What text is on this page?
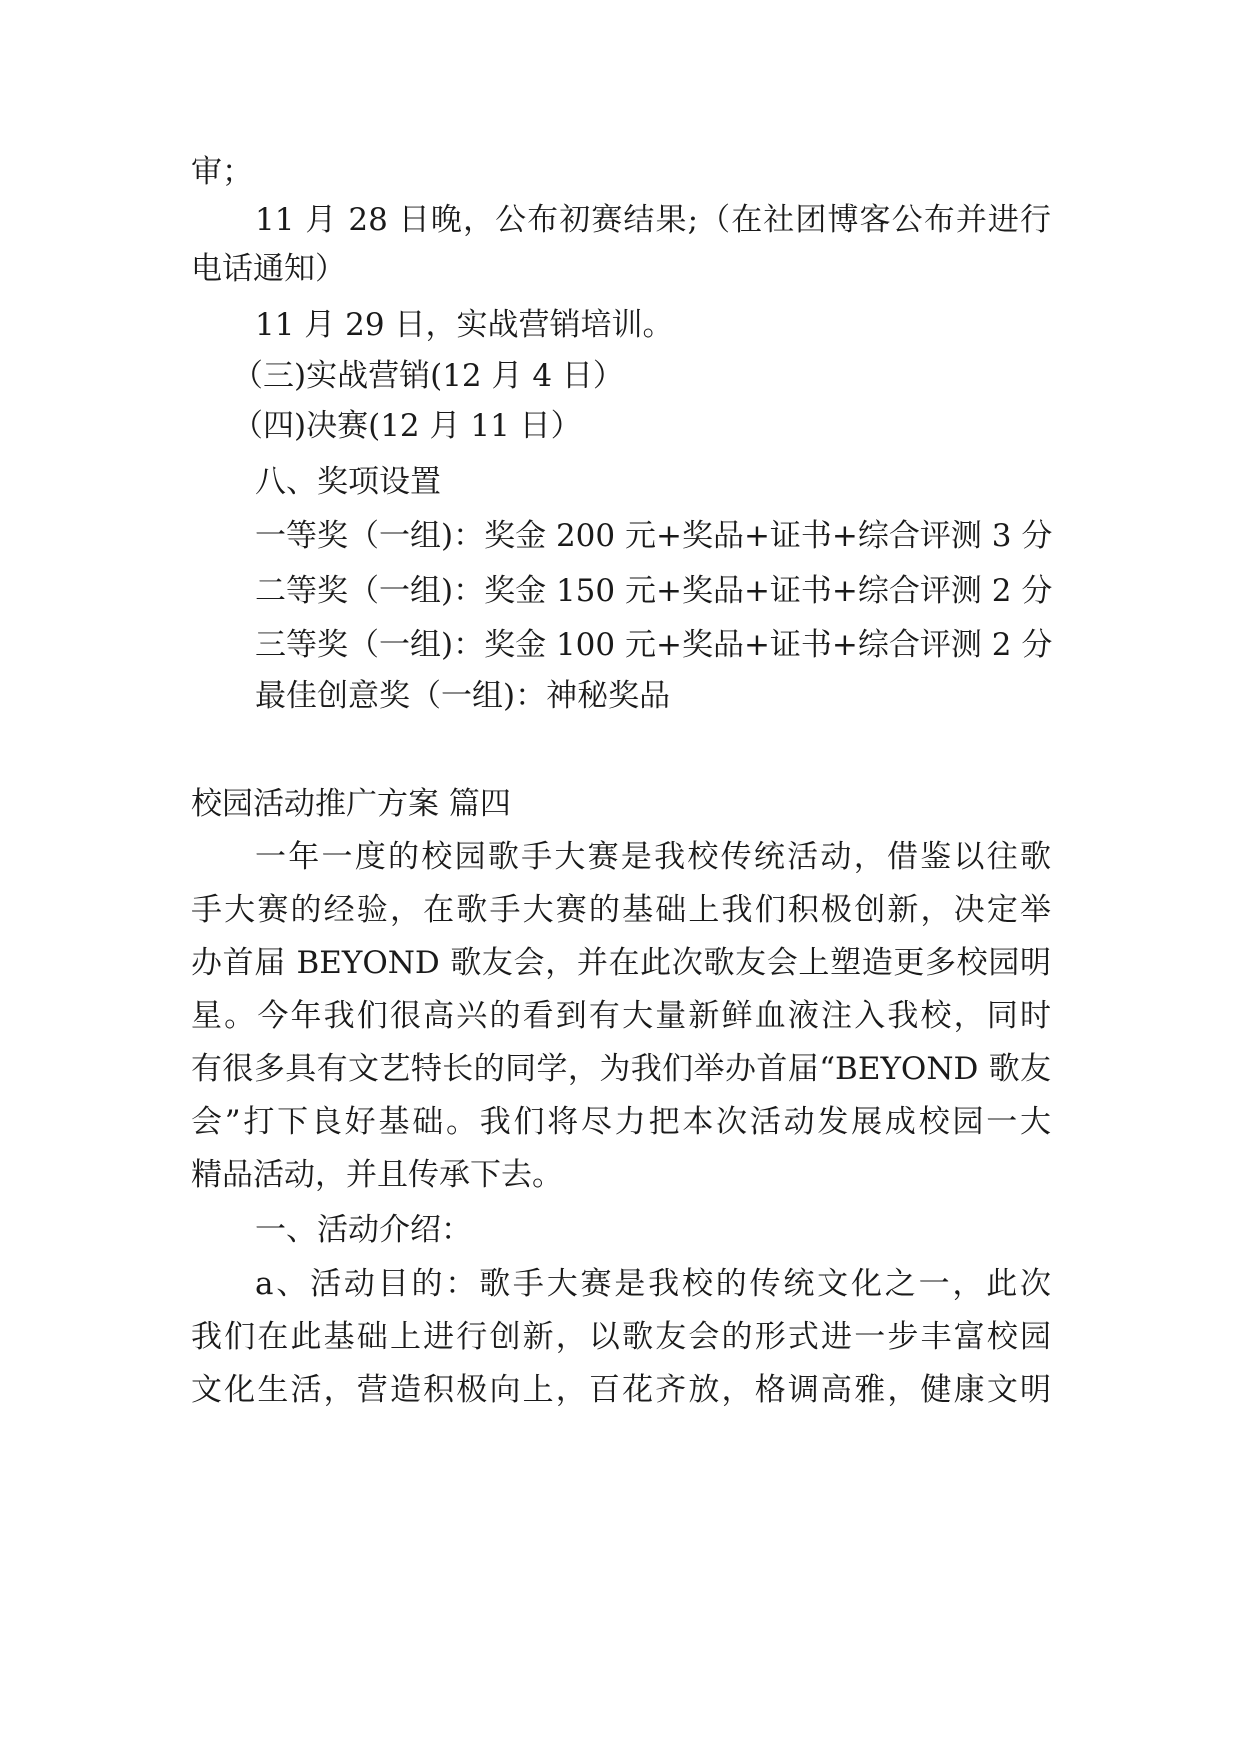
审；
11 月 28 日晚，公布初赛结果;（在社团博客公布并进行
电话通知）
11 月 29 日，实战营销培训。
（三)实战营销(12 月 4 日）
（四)决赛(12 月 11 日）
八、奖项设置
一等奖（一组)：奖金 200 元+奖品+证书+综合评测 3 分
二等奖（一组)：奖金 150 元+奖品+证书+综合评测 2 分
三等奖（一组)：奖金 100 元+奖品+证书+综合评测 2 分
最佳创意奖（一组)：神秘奖品
校园活动推广方案 篇四
一年一度的校园歌手大赛是我校传统活动，借鉴以往歌
手大赛的经验，在歌手大赛的基础上我们积极创新，决定举
办首届 BEYOND 歌友会，并在此次歌友会上塑造更多校园明
星。今年我们很高兴的看到有大量新鲜血液注入我校，同时
有很多具有文艺特长的同学，为我们举办首届“BEYOND 歌友
会”打下良好基础。我们将尽力把本次活动发展成校园一大
精品活动，并且传承下去。
一、活动介绍：
a、活动目的：歌手大赛是我校的传统文化之一，此次
我们在此基础上进行创新，以歌友会的形式进一步丰富校园
文化生活，营造积极向上，百花齐放，格调高雅，健康文明
